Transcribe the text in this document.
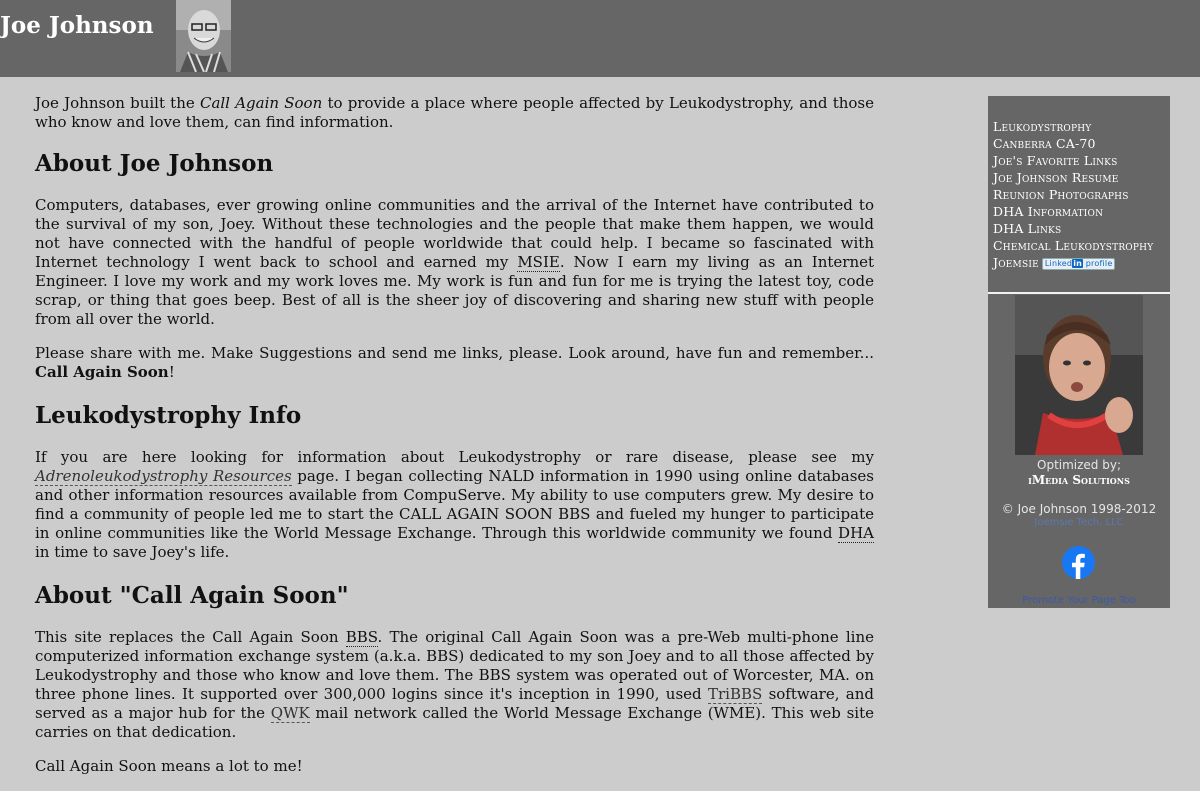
Joe Johnson

Joe Johnson built the Call Again Soon to provide a place where people affected by Leukodystrophy, and those who know and love them, can find information.

About Joe Johnson

Computers, databases, ever growing online communities and the arrival of the Internet have contributed to the survival of my son, Joey. Without these technologies and the people that make them happen, we would not have connected with the handful of people worldwide that could help. I became so fascinated with Internet technology I went back to school and earned my MSIE. Now I earn my living as an Internet Engineer. I love my work and my work loves me. My work is fun and fun for me is trying the latest toy, code scrap, or thing that goes beep. Best of all is the sheer joy of discovering and sharing new stuff with people from all over the world.

Please share with me. Make Suggestions and send me links, please. Look around, have fun and remember... Call Again Soon!

Leukodystrophy Info

If you are here looking for information about Leukodystrophy or rare disease, please see my Adrenoleukodystrophy Resources page. I began collecting NALD information in 1990 using online databases and other information resources available from CompuServe. My ability to use computers grew. My desire to find a community of people led me to start the CALL AGAIN SOON BBS and fueled my hunger to participate in online communities like the World Message Exchange. Through this worldwide community we found DHA in time to save Joey's life.

About "Call Again Soon"

This site replaces the Call Again Soon BBS. The original Call Again Soon was a pre-Web multi-phone line computerized information exchange system (a.k.a. BBS) dedicated to my son Joey and to all those affected by Leukodystrophy and those who know and love them. The BBS system was operated out of Worcester, MA. on three phone lines. It supported over 300,000 logins since it's inception in 1990, used TriBBS software, and served as a major hub for the QWK mail network called the World Message Exchange (WME). This web site carries on that dedication.

Call Again Soon means a lot to me!

Leukodystrophy
Canberra CA-70
Joe's Favorite Links
Joe Johnson Resume
Reunion Photographs
DHA Information
DHA Links
Chemical Leukodystrophy
Joemsie Linkedin profile
Optimized by;
iMedia Solutions
© Joe Johnson 1998-2012
Joemsie Tech, LLC
Promote Your Page Too
